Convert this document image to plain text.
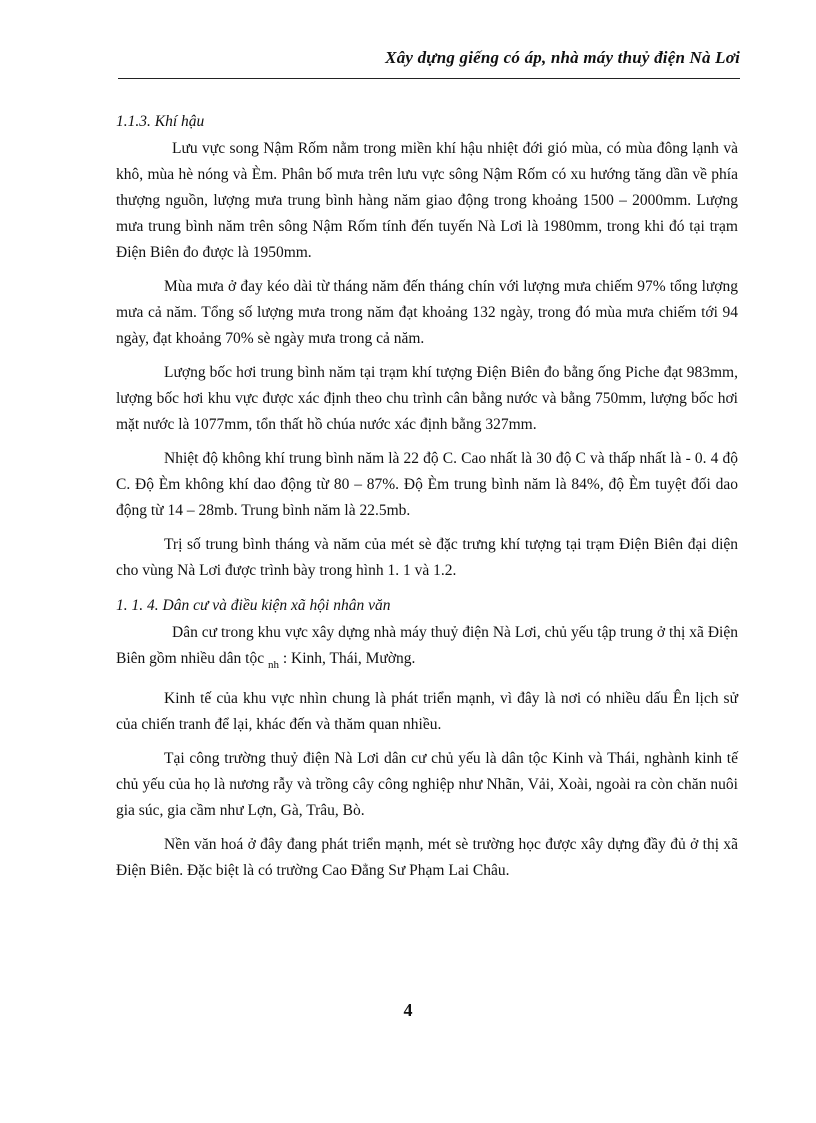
Xây dựng giếng có áp, nhà máy thuỷ điện Nà Lơi
1.1.3. Khí hậu

Lưu vực song Nậm Rốm nằm trong miền khí hậu nhiệt đới gió mùa, có mùa đông lạnh và khô, mùa hè nóng và Èm. Phân bố mưa trên lưu vực sông Nậm Rốm có xu hướng tăng dần về phía thượng nguồn, lượng mưa trung bình hàng năm giao động trong khoảng 1500 – 2000mm. Lượng mưa trung bình năm trên sông Nậm Rốm tính đến tuyến Nà Lơi là 1980mm, trong khi đó tại trạm Điện Biên đo được là 1950mm.

Mùa mưa ở đay kéo dài từ tháng năm đến tháng chín với lượng mưa chiếm 97% tổng lượng mưa cả năm. Tổng số lượng mưa trong năm đạt khoảng 132 ngày, trong đó mùa mưa chiếm tới 94 ngày, đạt khoảng 70% sè ngày mưa trong cả năm.

Lượng bốc hơi trung bình năm tại trạm khí tượng Điện Biên đo bằng ống Piche đạt 983mm, lượng bốc hơi khu vực được xác định theo chu trình cân bằng nước và bằng 750mm, lượng bốc hơi mặt nước là 1077mm, tổn thất hồ chúa nước xác định bằng 327mm.

Nhiệt độ không khí trung bình năm là 22 độ C. Cao nhất là 30 độ C và thấp nhất là - 0. 4 độ C. Độ Èm không khí dao động từ 80 – 87%. Độ Èm trung bình năm là 84%, độ Èm tuyệt đối dao động từ 14 – 28mb. Trung bình năm là 22.5mb.

Trị số trung bình tháng và năm của mét sè đặc trưng khí tượng tại trạm Điện Biên đại diện cho vùng Nà Lơi được trình bày trong hình 1. 1 và 1.2.

1. 1. 4. Dân cư và điều kiện xã hội nhân văn

Dân cư trong khu vực xây dựng nhà máy thuỷ điện Nà Lơi, chủ yếu tập trung ở thị xã Điện Biên gồm nhiều dân tộc $_{nh}$ : Kinh, Thái, Mường.

Kinh tế của khu vực nhìn chung là phát triển mạnh, vì đây là nơi có nhiều dấu Ên lịch sử của chiến tranh để lại, khác đến và thăm quan nhiều.

Tại công trường thuỷ điện Nà Lơi dân cư chủ yếu là dân tộc Kinh và Thái, nghành kinh tế chủ yếu của họ là nương rẫy và trồng cây công nghiệp như Nhãn, Vải, Xoài, ngoài ra còn chăn nuôi gia súc, gia cầm như Lợn, Gà, Trâu, Bò.

Nền văn hoá ở đây đang phát triển mạnh, mét sè trường học được xây dựng đầy đủ ở thị xã Điện Biên. Đặc biệt là có trường Cao Đẳng Sư Phạm Lai Châu.

4
